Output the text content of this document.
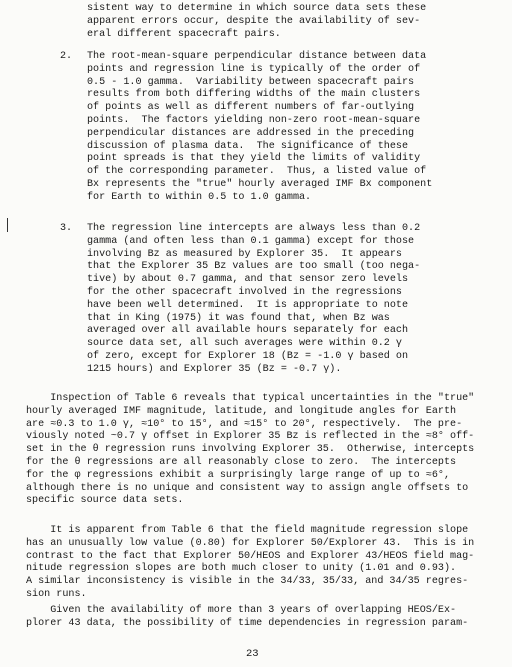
sistent way to determine in which source data sets these
apparent errors occur, despite the availability of sev-
eral different spacecraft pairs.
2. The root-mean-square perpendicular distance between data
points and regression line is typically of the order of
0.5 - 1.0 gamma.  Variability between spacecraft pairs
results from both differing widths of the main clusters
of points as well as different numbers of far-outlying
points.  The factors yielding non-zero root-mean-square
perpendicular distances are addressed in the preceding
discussion of plasma data.  The significance of these
point spreads is that they yield the limits of validity
of the corresponding parameter.  Thus, a listed value of
Bx represents the "true" hourly averaged IMF Bx component
for Earth to within 0.5 to 1.0 gamma.
3. The regression line intercepts are always less than 0.2
gamma (and often less than 0.1 gamma) except for those
involving Bz as measured by Explorer 35.  It appears
that the Explorer 35 Bz values are too small (too nega-
tive) by about 0.7 gamma, and that sensor zero levels
for the other spacecraft involved in the regressions
have been well determined.  It is appropriate to note
that in King (1975) it was found that, when Bz was
averaged over all available hours separately for each
source data set, all such averages were within 0.2 γ
of zero, except for Explorer 18 (Bz = -1.0 γ based on
1215 hours) and Explorer 35 (Bz = -0.7 γ).
Inspection of Table 6 reveals that typical uncertainties in the "true"
hourly averaged IMF magnitude, latitude, and longitude angles for Earth
are ≈0.3 to 1.0 γ, ≈10° to 15°, and ≈15° to 20°, respectively.  The pre-
viously noted ~0.7 γ offset in Explorer 35 Bz is reflected in the ≈8° off-
set in the θ regression runs involving Explorer 35.  Otherwise, intercepts
for the θ regressions are all reasonably close to zero.  The intercepts
for the φ regressions exhibit a surprisingly large range of up to ≈6°,
although there is no unique and consistent way to assign angle offsets to
specific source data sets.
It is apparent from Table 6 that the field magnitude regression slope
has an unusually low value (0.80) for Explorer 50/Explorer 43.  This is in
contrast to the fact that Explorer 50/HEOS and Explorer 43/HEOS field mag-
nitude regression slopes are both much closer to unity (1.01 and 0.93).
A similar inconsistency is visible in the 34/33, 35/33, and 34/35 regres-
sion runs.
Given the availability of more than 3 years of overlapping HEOS/Ex-
plorer 43 data, the possibility of time dependencies in regression param-
23
